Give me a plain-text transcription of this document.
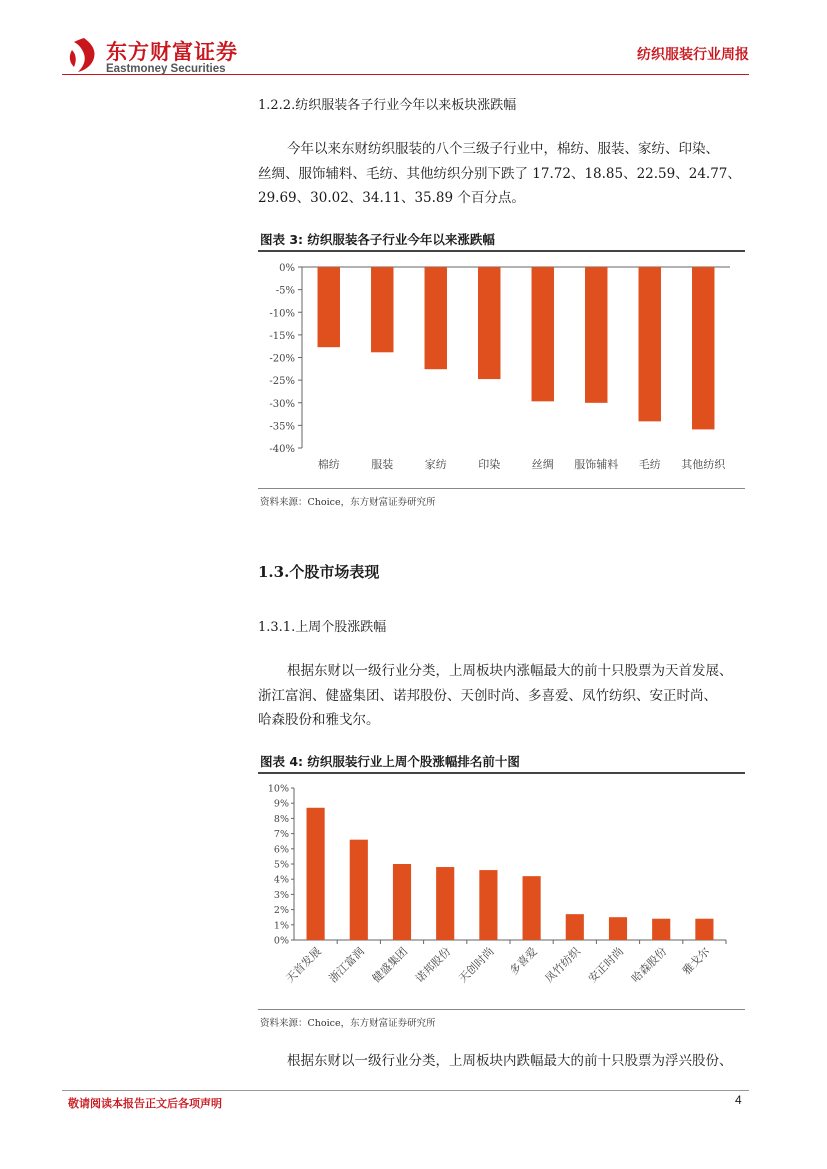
东方财富证券
Eastmoney Securities
纺织服装行业周报
1.2.2.纺织服装各子行业今年以来板块涨跌幅
今年以来东财纺织服装的八个三级子行业中，棉纺、服装、家纺、印染、
丝绸、服饰辅料、毛纺、其他纺织分别下跌了 17.72、18.85、22.59、24.77、
29.69、30.02、34.11、35.89 个百分点。
图表 3: 纺织服装各子行业今年以来涨跌幅
0%
-5%
-10%
-15%
-20%
-25%
-30%
-35%
-40%
棉纺	服装	家纺	印染	丝绸 服饰辅料 毛纺 其他纺织
资料来源：Choice，东方财富证券研究所
1.3.个股市场表现
1.3.1.上周个股涨跌幅
根据东财以一级行业分类，上周板块内涨幅最大的前十只股票为天首发展、
浙江富润、健盛集团、诺邦股份、天创时尚、多喜爱、凤竹纺织、安正时尚、
哈森股份和雅戈尔。
图表 4: 纺织服装行业上周个股涨幅排名前十图
10%
9%
8%
7%
6%
5%
4%
3%
2%
1%
0%
天首发展 浙江富润 健盛集团 诺邦股份 天创时尚 多喜爱 凤竹纺织 安正时尚 哈森股份 雅戈尔
资料来源：Choice，东方财富证券研究所
根据东财以一级行业分类，上周板块内跌幅最大的前十只股票为浮兴股份、
敬请阅读本报告正文后各项声明	4
